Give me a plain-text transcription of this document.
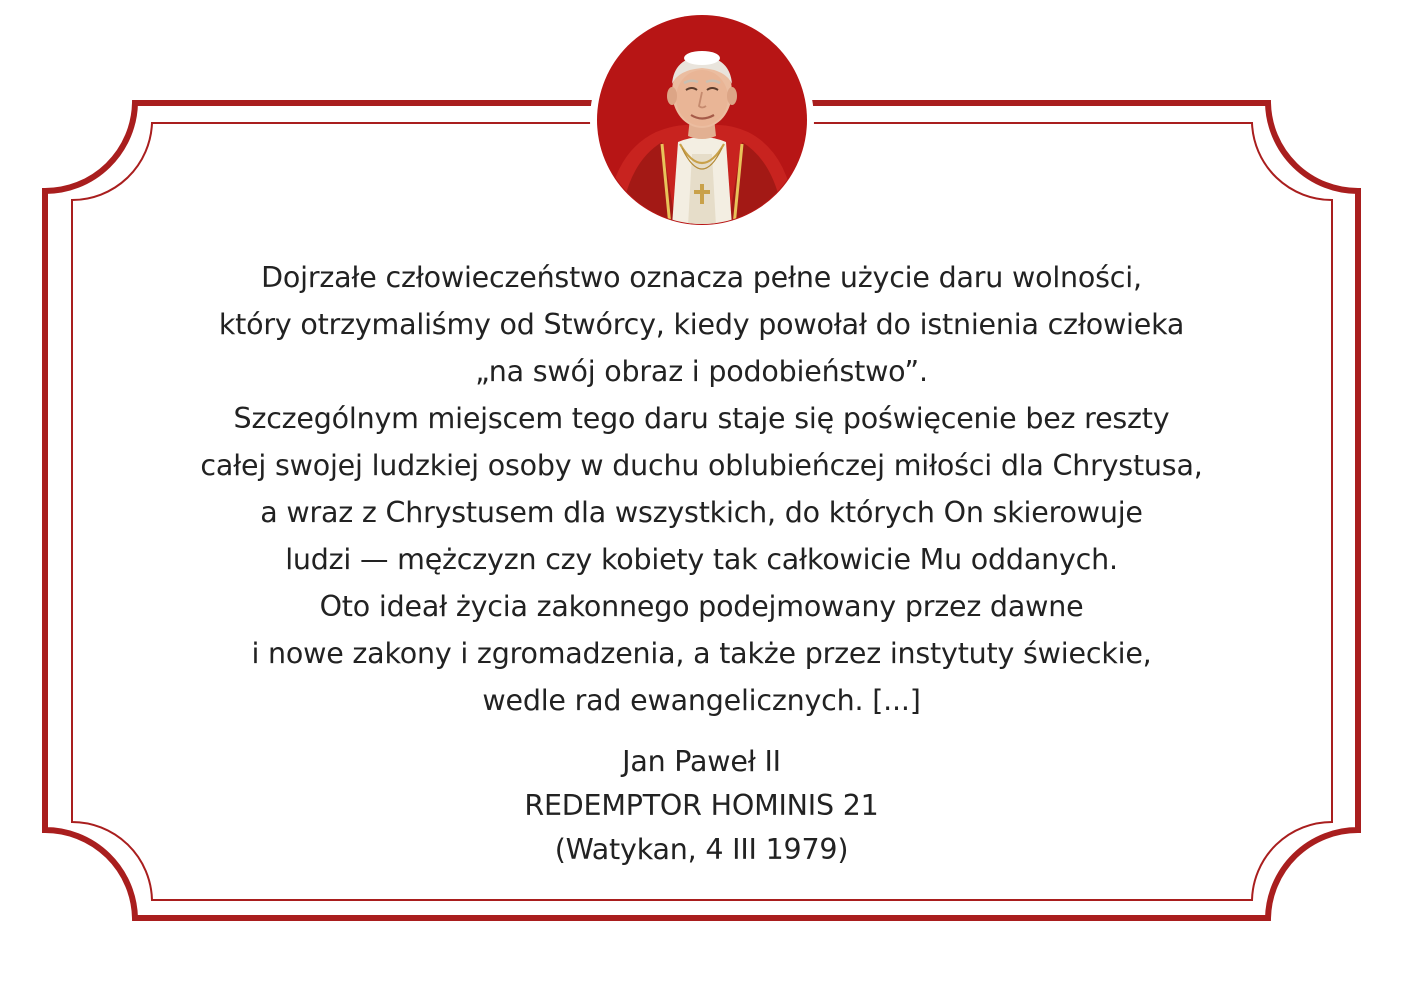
Dojrzałe człowieczeństwo oznacza pełne użycie daru wolności,
który otrzymaliśmy od Stwórcy, kiedy powołał do istnienia człowieka
„na swój obraz i podobieństwo”.
Szczególnym miejscem tego daru staje się poświęcenie bez reszty
całej swojej ludzkiej osoby w duchu oblubieńczej miłości dla Chrystusa,
a wraz z Chrystusem dla wszystkich, do których On skierowuje
ludzi — mężczyzn czy kobiety tak całkowicie Mu oddanych.
Oto ideał życia zakonnego podejmowany przez dawne
i nowe zakony i zgromadzenia, a także przez instytuty świeckie,
wedle rad ewangelicznych. [...]
Jan Paweł II
REDEMPTOR HOMINIS 21
(Watykan, 4 III 1979)
